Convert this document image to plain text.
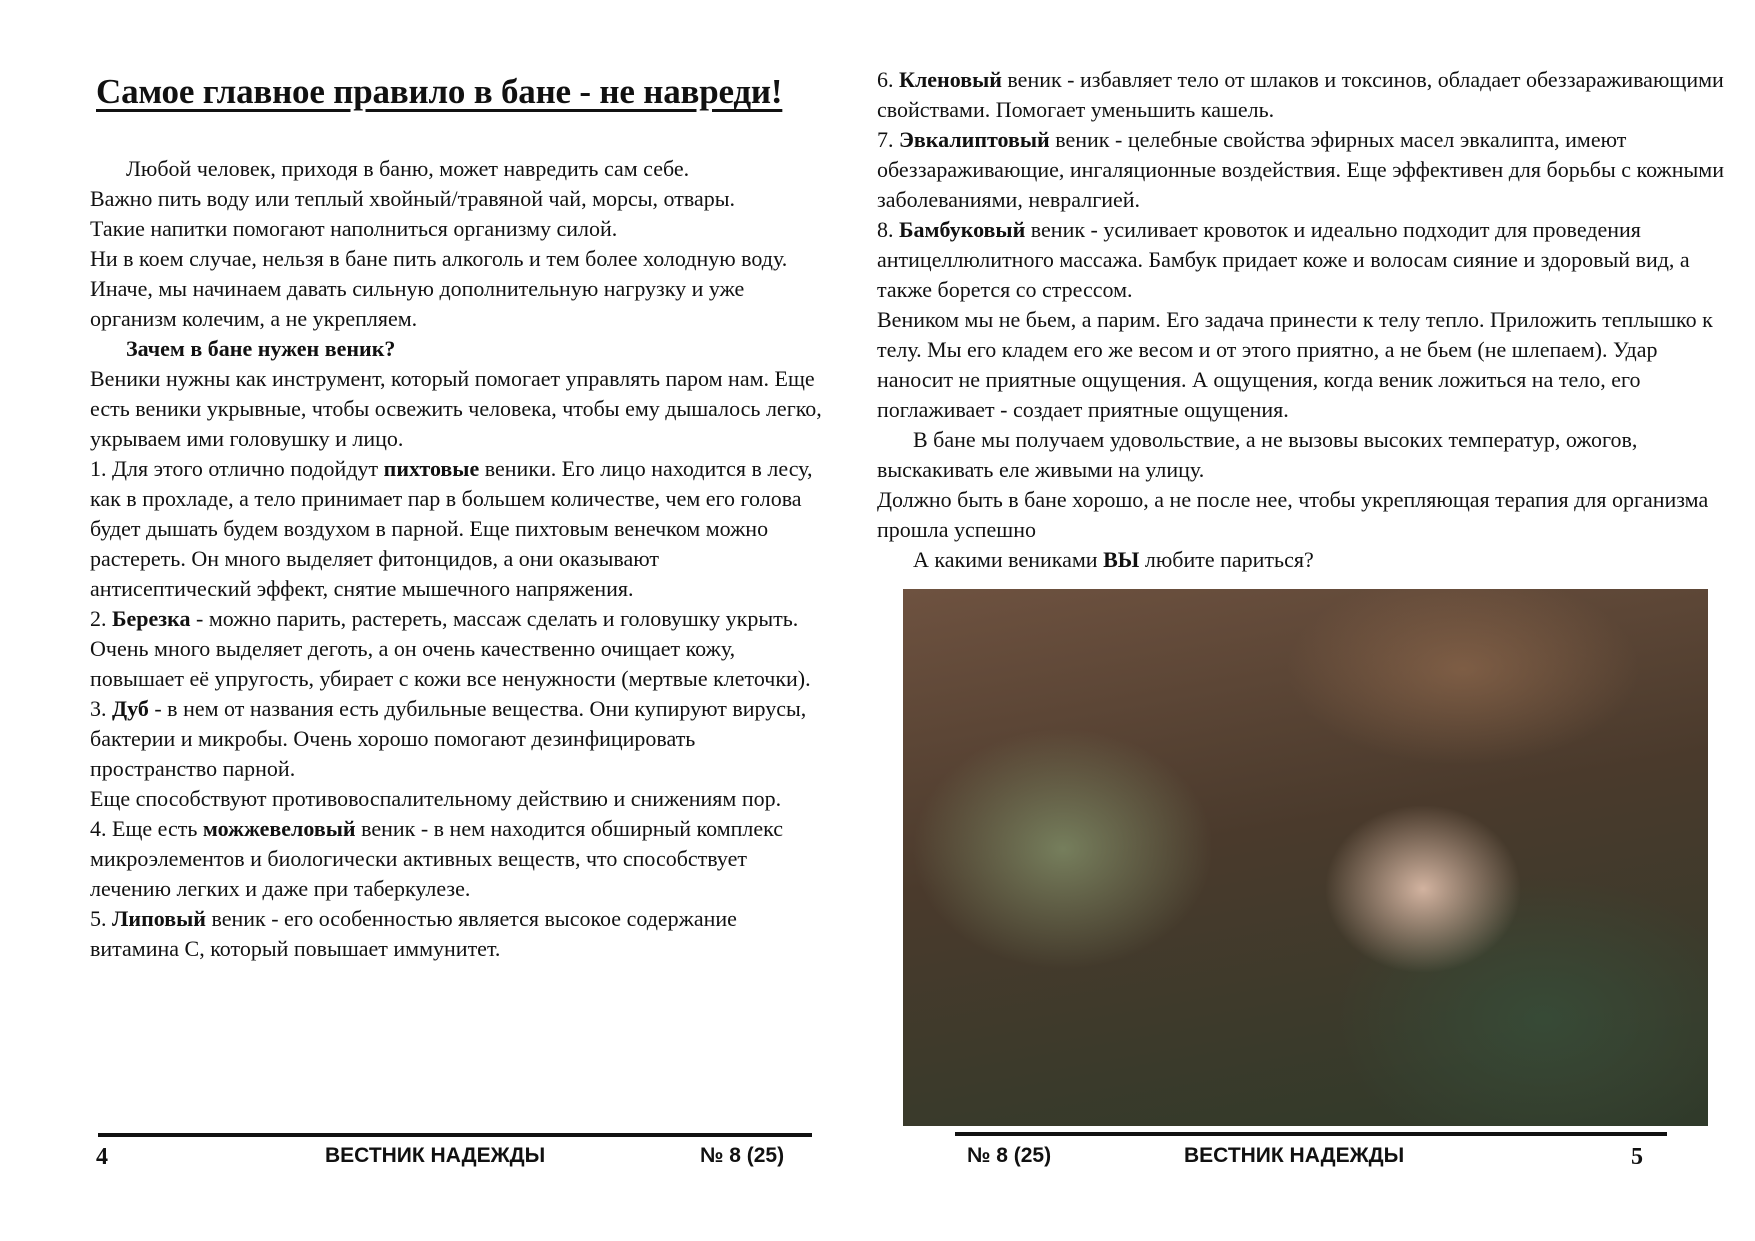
Самое главное правило в бане - не навреди!

Любой человек, приходя в баню, может навредить сам себе.

Важно пить воду или теплый хвойный/травяной чай, морсы, отвары.

Такие напитки помогают наполниться организму силой.

Ни в коем случае, нельзя в бане пить алкоголь и тем более холодную воду.

Иначе, мы начинаем давать сильную дополнительную нагрузку и уже организм колечим, а не укрепляем.

Зачем в бане нужен веник?

Веники нужны как инструмент, который помогает управлять паром нам. Еще есть веники укрывные, чтобы освежить человека, чтобы ему дышалось легко, укрываем ими головушку и лицо.

1. Для этого отлично подойдут пихтовые веники. Его лицо находится в лесу, как в прохладе, а тело принимает пар в большем количестве, чем его голова будет дышать будем воздухом в парной. Еще пихтовым венечком можно растереть. Он много выделяет фитонцидов, а они оказывают антисептический эффект, снятие мышечного напряжения.

2. Березка - можно парить, растереть, массаж сделать и головушку укрыть. Очень много выделяет деготь, а он очень качественно очищает кожу, повышает её упругость, убирает с кожи все ненужности (мертвые клеточки).

3. Дуб - в нем от названия есть дубильные вещества. Они купируют вирусы, бактерии и микробы. Очень хорошо помогают дезинфицировать пространство парной.

Еще способствуют противовоспалительному действию и снижениям пор.

4. Еще есть можжевеловый веник - в нем находится обширный комплекс микроэлементов и биологически активных веществ, что способствует лечению легких и даже при таберкулезе.

5. Липовый веник - его особенностью является высокое содержание витамина С, который повышает иммунитет.

4	ВЕСТНИК НАДЕЖДЫ	№ 8 (25)

6. Кленовый веник - избавляет тело от шлаков и токсинов, обладает обеззараживающими свойствами. Помогает уменьшить кашель.

7. Эвкалиптовый веник - целебные свойства эфирных масел эвкалипта, имеют обеззараживающие, ингаляционные воздействия. Еще эффективен для борьбы с кожными заболеваниями, невралгией.

8. Бамбуковый веник - усиливает кровоток и идеально подходит для проведения антицеллюлитного массажа. Бамбук придает коже и волосам сияние и здоровый вид, а также борется со стрессом.

Веником мы не бьем, а парим. Его задача принести к телу тепло. Приложить теплышко к телу. Мы его кладем его же весом и от этого приятно, а не бьем (не шлепаем). Удар наносит не приятные ощущения. А ощущения, когда веник ложиться на тело, его поглаживает - создает приятные ощущения.

В бане мы получаем удовольствие, а не вызовы высоких температур, ожогов, выскакивать еле живыми на улицу.

Должно быть в бане хорошо, а не после нее, чтобы укрепляющая терапия для организма прошла успешно

А какими вениками ВЫ любите париться?

№ 8 (25)	ВЕСТНИК НАДЕЖДЫ	5
